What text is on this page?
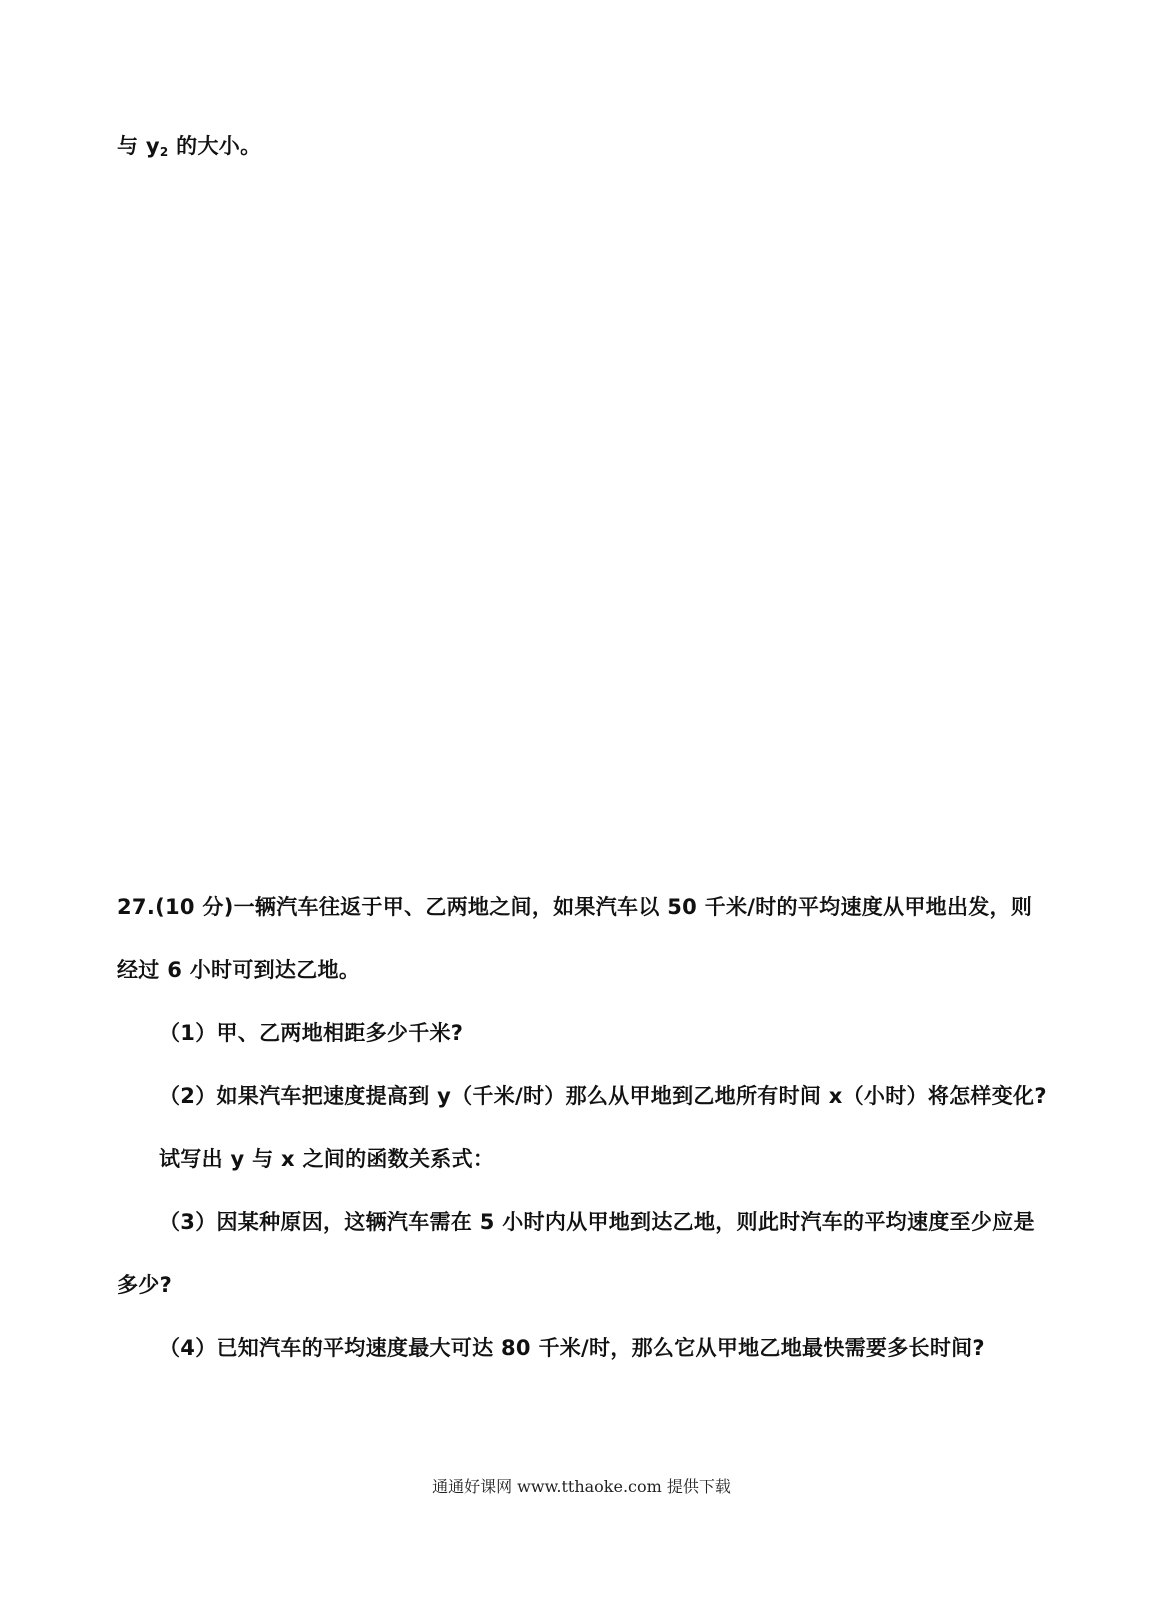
与 $y_2$ 的大小。
27.(10 分)一辆汽车往返于甲、乙两地之间，如果汽车以 50 千米/时的平均速度从甲地出发，则
经过 6 小时可到达乙地。
（1）甲、乙两地相距多少千米?
（2）如果汽车把速度提高到 y（千米/时）那么从甲地到乙地所有时间 x（小时）将怎样变化?
试写出 y 与 x 之间的函数关系式：
（3）因某种原因，这辆汽车需在 5 小时内从甲地到达乙地，则此时汽车的平均速度至少应是
多少?
（4）已知汽车的平均速度最大可达 80 千米/时，那么它从甲地乙地最快需要多长时间?
通通好课网 www.tthaoke.com 提供下载
